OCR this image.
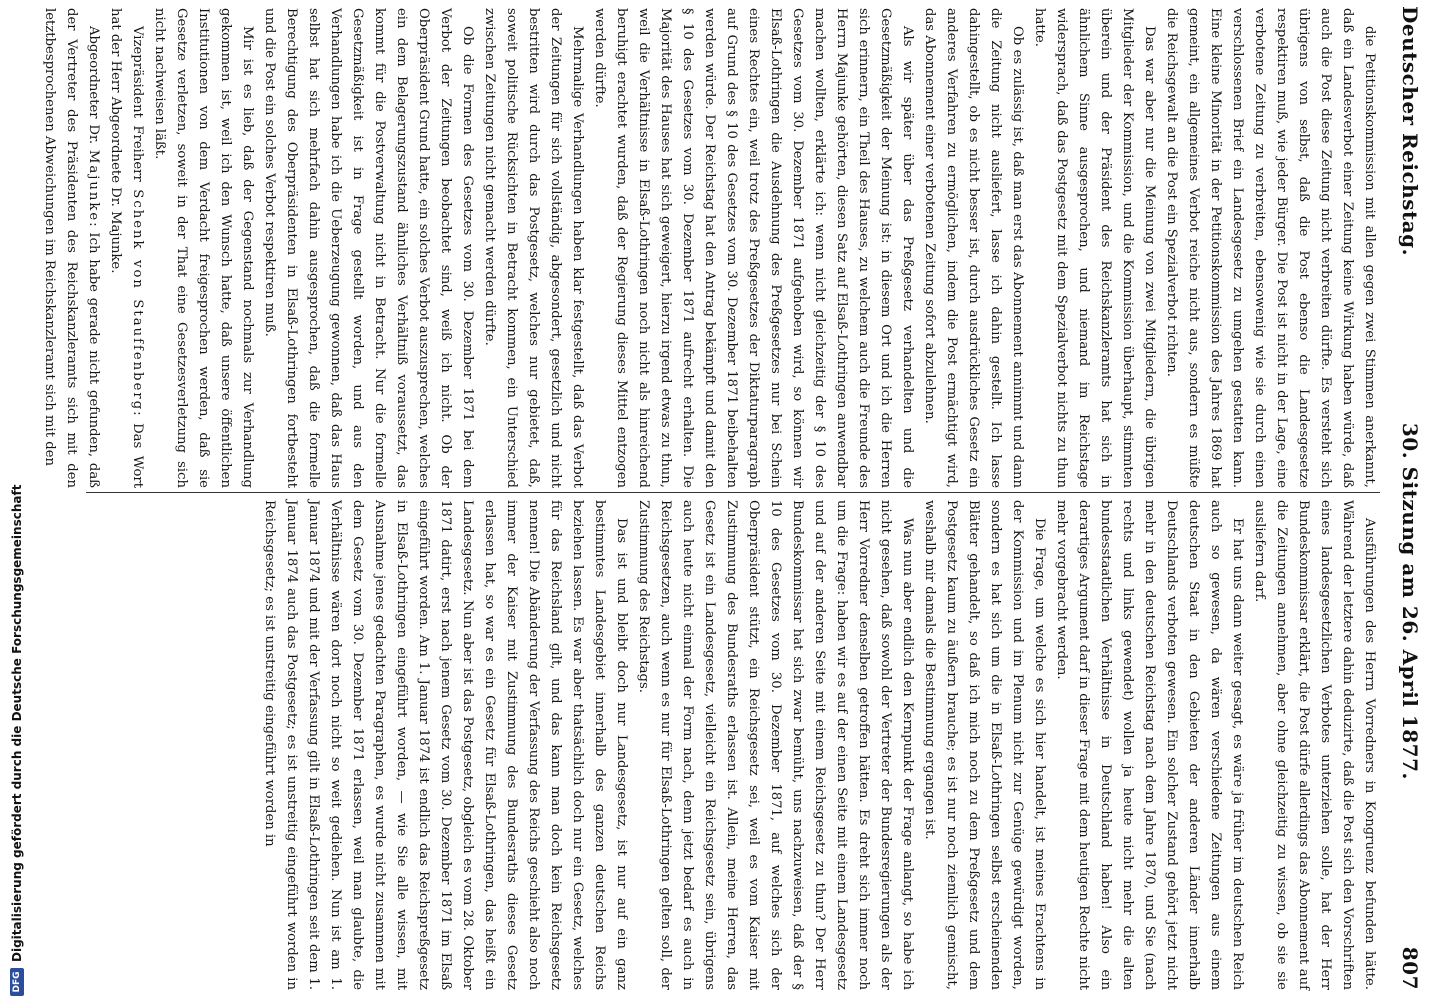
Deutscher Reichstag.
30. Sitzung am 26. April 1877.
807

die Petitionskommission mit allen gegen zwei Stimmen anerkannt, daß ein Landesverbot einer Zeitung keine Wirkung haben würde, daß auch die Post diese Zeitung nicht verbreiten dürfte. Es versteht sich übrigens von selbst, daß die Post ebenso die Landesgesetze respektiren muß, wie jeder Bürger. Die Post ist nicht in der Lage, eine verbotene Zeitung zu verbreiten, ebensowenig wie sie durch einen verschlossenen Brief ein Landesgesetz zu umgehen gestatten kann. Eine kleine Minorität in der Petitionskommission des Jahres 1869 hat gemeint, ein allgemeines Verbot reiche nicht aus, sondern es müßte die Reichsgewalt an die Post ein Spezialverbot richten.

Das war aber nur die Meinung von zwei Mitgliedern, die übrigen Mitglieder der Kommission, und die Kommission überhaupt, stimmten überein und der Präsident des Reichskanzleramts hat sich in ähnlichem Sinne ausgesprochen, und niemand im Reichstage widersprach, daß das Postgesetz mit dem Spezialverbot nichts zu thun hatte.

Ob es zulässig ist, daß man erst das Abonnement annimmt und dann die Zeitung nicht ausliefert, lasse ich dahin gestellt. Ich lasse dahingestellt, ob es nicht besser ist, durch ausdrückliches Gesetz ein anderes Verfahren zu ermöglichen, indem die Post ermächtigt wird, das Abonnement einer verbotenen Zeitung sofort abzulehnen.

Als wir später über das Preßgesetz verhandelten und die Gesetzmäßigkeit der Meinung ist: in diesem Ort und ich die Herren sich erinnern, ein Theil des Hauses, zu welchem auch die Freunde des Herrn Majunke gehörten, diesen Satz auf Elsaß-Lothringen anwendbar machen wollten, erklärte ich: wenn nicht gleichzeitig der § 10 des Gesetzes vom 30. Dezember 1871 aufgehoben wird, so können wir Elsaß-Lothringen die Ausdehnung des Preßgesetzes nur bei Schein eines Rechtes ein, weil trotz des Preßgesetzes der Diktaturparagraph auf Grund des § 10 des Gesetzes vom 30. Dezember 1871 beibehalten werden würde. Der Reichstag hat den Antrag bekämpft und damit den § 10 des Gesetzes vom 30. Dezember 1871 aufrecht erhalten. Die Majorität des Hauses hat sich geweigert, hierzu irgend etwas zu thun, weil die Verhältnisse in Elsaß-Lothringen noch nicht als hinreichend beruhigt erachtet wurden, daß der Regierung dieses Mittel entzogen werden dürfte.

Mehrmalige Verhandlungen haben klar festgestellt, daß das Verbot der Zeitungen für sich vollständig, abgesondert, gesetzlich und nicht bestritten wird durch das Postgesetz, welches nur gebietet, daß, soweit politische Rücksichten in Betracht kommen, ein Unterschied zwischen Zeitungen nicht gemacht werden dürfte.

Ob die Formen des Gesetzes vom 30. Dezember 1871 bei dem Verbot der Zeitungen beobachtet sind, weiß ich nicht. Ob der Oberpräsident Grund hatte, ein solches Verbot auszusprechen, welches ein dem Belagerungszustand ähnliches Verhältniß voraussetzt, das kommt für die Postverwaltung nicht in Betracht. Nur die formelle Gesetzmäßigkeit ist in Frage gestellt worden, und aus den Verhandlungen habe ich die Ueberzeugung gewonnen, daß das Haus selbst hat sich mehrfach dahin ausgesprochen, daß die formelle Berechtigung des Oberpräsidenten in Elsaß-Lothringen fortbesteht und die Post ein solches Verbot respektiren muß.

Mir ist es lieb, daß der Gegenstand nochmals zur Verhandlung gekommen ist, weil ich den Wunsch hatte, daß unsere öffentlichen Institutionen von dem Verdacht freigesprochen werden, daß sie Gesetze verletzen, soweit in der That eine Gesetzesverletzung sich nicht nachweisen läßt.

Vizepräsident Freiherr Schenk von Stauffenberg: Das Wort hat der Herr Abgeordnete Dr. Majunke.

Abgeordneter Dr. Majunke: Ich habe gerade nicht gefunden, daß der Vertreter des Präsidenten des Reichskanzleramts sich mit den letztbesprochenen Abweichungen im Reichskanzleramt sich mit den

Ausführungen des Herrn Vorredners in Kongruenz befunden hätte. Während der letztere dahin deduzirte, daß die Post sich den Vorschriften eines landesgesetzlichen Verbotes unterziehen solle, hat der Herr Bundeskommissar erklärt, die Post dürfe allerdings das Abonnement auf die Zeitungen annehmen, aber ohne gleichzeitig zu wissen, ob sie sie ausliefern darf.

Er hat uns dann weiter gesagt, es wäre ja früher im deutschen Reich auch so gewesen, da wären verschiedene Zeitungen aus einem deutschen Staat in den Gebieten der anderen Länder innerhalb Deutschlands verboten gewesen. Ein solcher Zustand gehört jetzt nicht mehr in den deutschen Reichstag nach dem Jahre 1870, und Sie (nach rechts und links gewendet) wollen ja heute nicht mehr die alten bundesstaatlichen Verhältnisse in Deutschland haben! Also ein derartiges Argument darf in dieser Frage mit dem heutigen Rechte nicht mehr vorgebracht werden.

Die Frage, um welche es sich hier handelt, ist meines Erachtens in der Kommission und im Plenum nicht zur Genüge gewürdigt worden, sondern es hat sich um die in Elsaß-Lothringen selbst erscheinenden Blätter gehandelt, so daß ich mich noch zu dem Preßgesetz und dem Postgesetz kaum zu äußern brauche; es ist nur noch ziemlich gemischt, weshalb mir damals die Bestimmung ergangen ist.

Was nun aber endlich den Kernpunkt der Frage anlangt, so habe ich nicht gesehen, daß sowohl der Vertreter der Bundesregierungen als der Herr Vorredner denselben getroffen hätten. Es dreht sich immer noch um die Frage: haben wir es auf der einen Seite mit einem Landesgesetz und auf der anderen Seite mit einem Reichsgesetz zu thun? Der Herr Bundeskommissar hat sich zwar bemüht, uns nachzuweisen, daß der § 10 des Gesetzes vom 30. Dezember 1871, auf welches sich der Oberpräsident stützt, ein Reichsgesetz sei, weil es vom Kaiser mit Zustimmung des Bundesraths erlassen ist. Allein, meine Herren, das Gesetz ist ein Landesgesetz, vielleicht ein Reichsgesetz sein, übrigens auch heute nicht einmal der Form nach, denn jetzt bedarf es auch in Reichsgesetzen, auch wenn es nur für Elsaß-Lothringen gelten soll, der Zustimmung des Reichstags.

Das ist und bleibt doch nur Landesgesetz, ist nur auf ein ganz bestimmtes Landesgebiet innerhalb des ganzen deutschen Reichs beziehen lassen. Es war aber thatsächlich doch nur ein Gesetz, welches für das Reichsland gilt, und das kann man doch kein Reichsgesetz nennen! Die Abänderung der Verfassung des Reichs geschieht also noch immer der Kaiser mit Zustimmung des Bundesraths dieses Gesetz erlassen hat, so war es ein Gesetz für Elsaß-Lothringen, das heißt ein Landesgesetz. Nun aber ist das Postgesetz, obgleich es vom 28. Oktober 1871 datirt, erst nach jenem Gesetz vom 30. Dezember 1871 im Elsaß eingeführt worden. Am 1. Januar 1874 ist endlich das Reichspreßgesetz in Elsaß-Lothringen eingeführt worden, — wie Sie alle wissen, mit Ausnahme jenes gedachten Paragraphen, es wurde nicht zusammen mit dem Gesetz vom 30. Dezember 1871 erlassen, weil man glaubte, die Verhältnisse wären dort noch nicht so weit gediehen. Nun ist am 1. Januar 1874 und mit der Verfassung gilt in Elsaß-Lothringen seit dem 1. Januar 1874 auch das Postgesetz; es ist unstreitig eingeführt worden in Reichsgesetz; es ist unstreitig eingeführt worden in

DFG
Digitalisierung gefördert durch die Deutsche Forschungsgemeinschaft
